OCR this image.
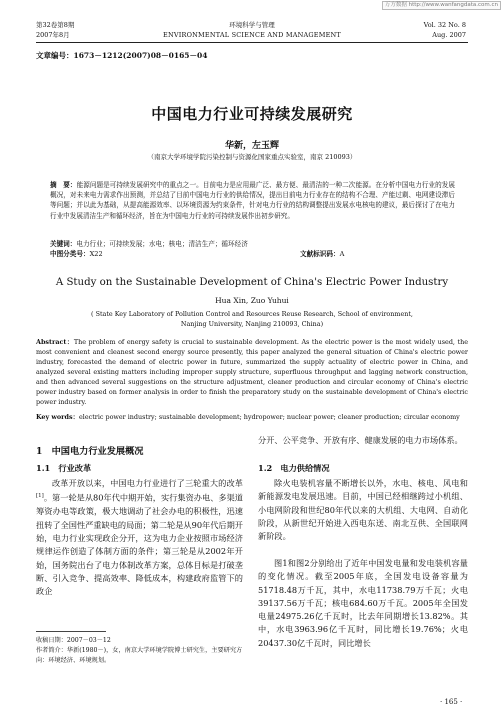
万方数据 http://www.wanfangdata.com.cn
第32卷第8期
2007年8月
环境科学与管理
ENVIRONMENTAL SCIENCE AND MANAGEMENT
Vol. 32 No. 8
Aug. 2007
文章编号：1673－1212(2007)08－0165－04
中国电力行业可持续发展研究
华新，左玉辉
（南京大学环境学院污染控制与资源化国家重点实验室，南京 210093）
摘　要：能源问题是可持续发展研究中的重点之一。目前电力是应用最广泛、最方便、最清洁的一种二次能源。在分析中国电力行业的发展概况，对未来电力需求作出预测，并总结了目前中国电力行业的供给情况，提出目前电力行业存在的结构不合理、产能过剩、电网建设滞后等问题；并以此为基础，从提高能源效率、以环境资源为约束条件，针对电力行业的结构调整提出发展水电核电的建议，最后探讨了在电力行业中发展清洁生产和循环经济，旨在为中国电力行业的可持续发展作出初步研究。
关键词：电力行业；可持续发展；水电；核电；清洁生产；循环经济
中图分类号：X22	文献标识码：A
A Study on the Sustainable Development of China's Electric Power Industry
Hua Xin, Zuo Yuhui
( State Key Laboratory of Pollution Control and Resources Reuse Research, School of environment,
Nanjing University, Nanjing 210093, China)
Abstract：The problem of energy safety is crucial to sustainable development. As the electric power is the most widely used, the most convenient and cleanest second energy source presently, this paper analyzed the general situation of China's electric power industry, forecasted the demand of electric power in future, summarized the supply actuality of electric power in China, and analyzed several existing matters including improper supply structure, superfluous throughput and lagging network construction, and then advanced several suggestions on the structure adjustment, cleaner production and circular economy of China's electric power industry based on former analysis in order to finish the preparatory study on the sustainable development of China's electric power industry.
Key words：electric power industry; sustainable development; hydropower; nuclear power; cleaner production; circular economy
1　中国电力行业发展概况
1.1　行业改革
改革开放以来，中国电力行业进行了三轮重大的改革[1]。第一轮是从80年代中期开始，实行集资办电、多渠道筹资办电等政策，极大地调动了社会办电的积极性，迅速扭转了全国性严重缺电的局面；第二轮是从90年代后期开始，电力行业实现政企分开，这为电力企业按照市场经济规律运作创造了体制方面的条件；第三轮是从2002年开始，国务院出台了电力体制改革方案，总体目标是打破垄断、引入竞争、提高效率、降低成本，构建政府监管下的政企
收稿日期：2007－03－12
作者简介：华新(1980－)，女，南京大学环境学院博士研究生，主要研究方向：环境经济、环境规划。
分开、公平竞争、开放有序、健康发展的电力市场体系。
1.2　电力供给情况
除火电装机容量不断增长以外，水电、核电、风电和新能源发电发展迅速。目前，中国已经相继跨过小机组、小电网阶段和世纪80年代以来的大机组、大电网、自动化阶段，从新世纪开始进入西电东送、南北互供、全国联网新阶段。
图1和图2分别给出了近年中国发电量和发电装机容量的变化情况。截至2005年底，全国发电设备容量为51718.48万千瓦，其中，水电11738.79万千瓦；火电39137.56万千瓦；核电684.60万千瓦。2005年全国发电量24975.26亿千瓦时，比去年同期增长13.82%。其中，水电3963.96亿千瓦时，同比增长19.76%；火电20437.30亿千瓦时，同比增长
· 165 ·
